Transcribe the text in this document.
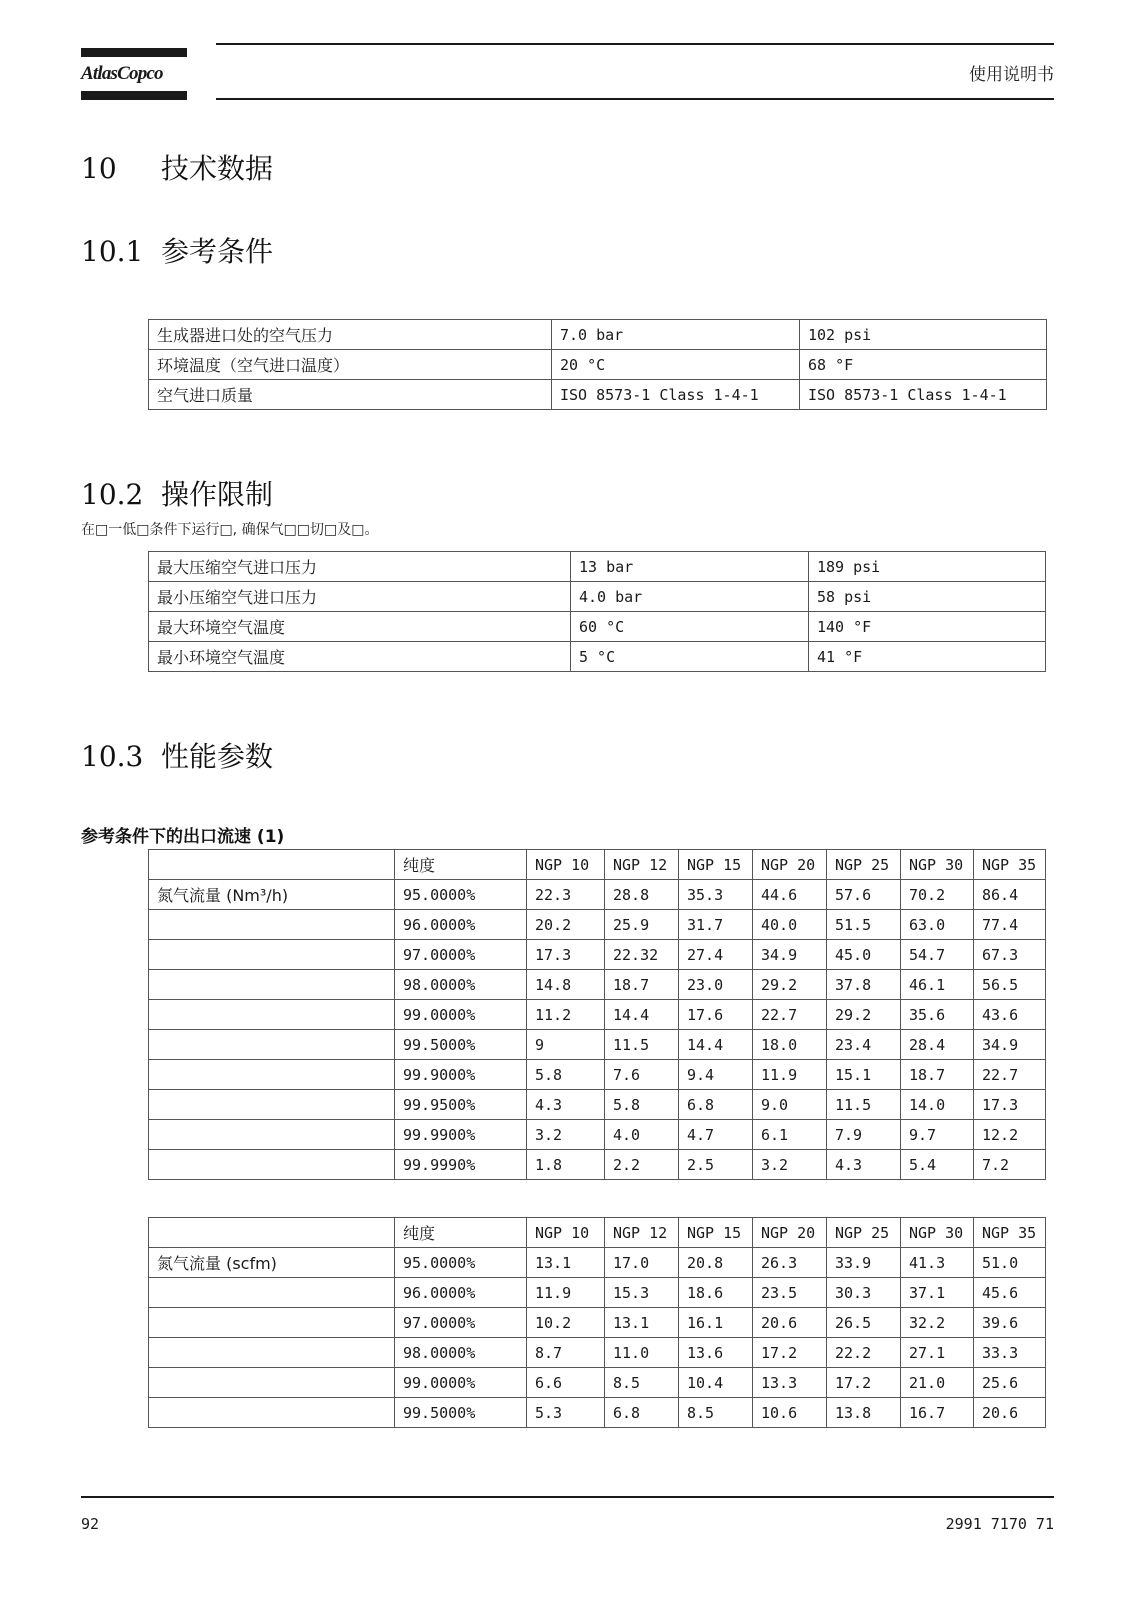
AtlasCopco	使用说明书
10 技术数据
10.1 参考条件
生成器进口处的空气压力	7.0 bar	102 psi
环境温度（空气进口温度）	20 °C	68 °F
空气进口质量	ISO 8573-1 Class 1-4-1	ISO 8573-1 Class 1-4-1
10.2 操作限制
在□一低□条件下运行□, 确保气□□切□及□。
最大压缩空气进口压力	13 bar	189 psi
最小压缩空气进口压力	4.0 bar	58 psi
最大环境空气温度	60 °C	140 °F
最小环境空气温度	5 °C	41 °F
10.3 性能参数
参考条件下的出口流速 (1)
	纯度	NGP 10	NGP 12	NGP 15	NGP 20	NGP 25	NGP 30	NGP 35
氮气流量 (Nm³/h)	95.0000%	22.3	28.8	35.3	44.6	57.6	70.2	86.4
	96.0000%	20.2	25.9	31.7	40.0	51.5	63.0	77.4
	97.0000%	17.3	22.32	27.4	34.9	45.0	54.7	67.3
	98.0000%	14.8	18.7	23.0	29.2	37.8	46.1	56.5
	99.0000%	11.2	14.4	17.6	22.7	29.2	35.6	43.6
	99.5000%	9	11.5	14.4	18.0	23.4	28.4	34.9
	99.9000%	5.8	7.6	9.4	11.9	15.1	18.7	22.7
	99.9500%	4.3	5.8	6.8	9.0	11.5	14.0	17.3
	99.9900%	3.2	4.0	4.7	6.1	7.9	9.7	12.2
	99.9990%	1.8	2.2	2.5	3.2	4.3	5.4	7.2
	纯度	NGP 10	NGP 12	NGP 15	NGP 20	NGP 25	NGP 30	NGP 35
氮气流量 (scfm)	95.0000%	13.1	17.0	20.8	26.3	33.9	41.3	51.0
	96.0000%	11.9	15.3	18.6	23.5	30.3	37.1	45.6
	97.0000%	10.2	13.1	16.1	20.6	26.5	32.2	39.6
	98.0000%	8.7	11.0	13.6	17.2	22.2	27.1	33.3
	99.0000%	6.6	8.5	10.4	13.3	17.2	21.0	25.6
	99.5000%	5.3	6.8	8.5	10.6	13.8	16.7	20.6
92	2991 7170 71
